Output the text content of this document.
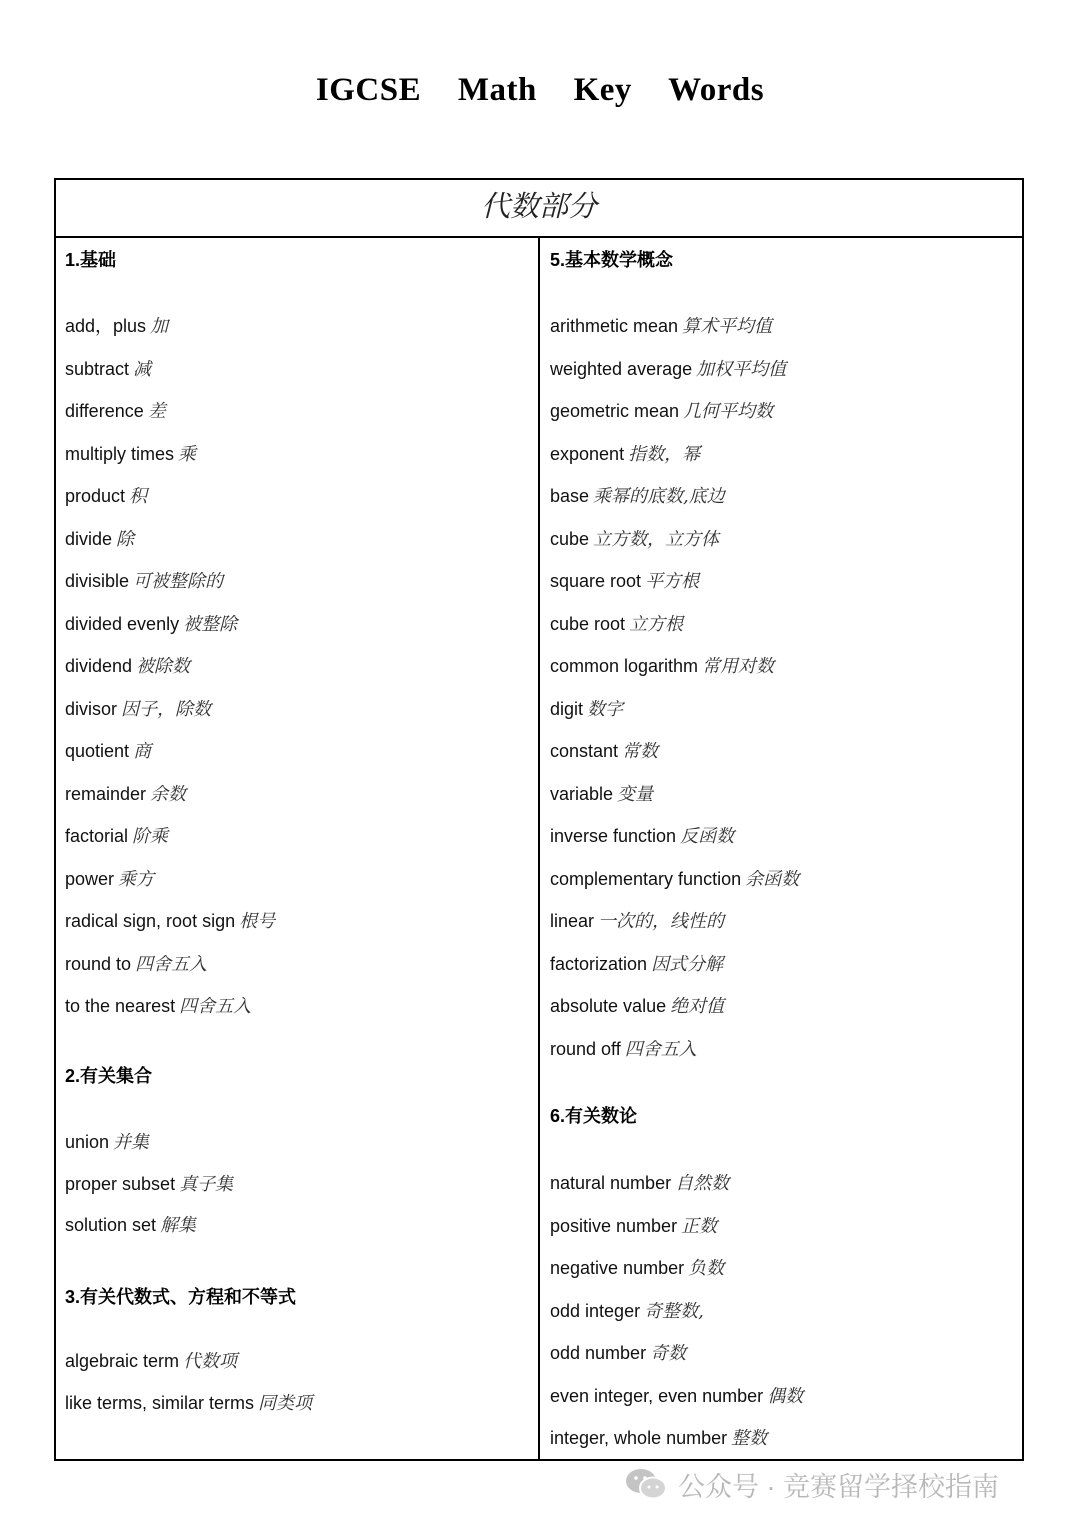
IGCSE Math Key Words
代数部分
1.基础
add，plus 加
subtract 减
difference 差
multiply times 乘
product 积
divide 除
divisible 可被整除的
divided evenly 被整除
dividend 被除数
divisor 因子，除数
quotient 商
remainder 余数
factorial 阶乘
power 乘方
radical sign, root sign 根号
round to 四舍五入
to the nearest 四舍五入
2.有关集合
union 并集
proper subset 真子集
solution set 解集
3.有关代数式、方程和不等式
algebraic term 代数项
like terms, similar terms 同类项
5.基本数学概念
arithmetic mean 算术平均值
weighted average 加权平均值
geometric mean 几何平均数
exponent 指数，幂
base 乘幂的底数,底边
cube 立方数，立方体
square root 平方根
cube root 立方根
common logarithm 常用对数
digit 数字
constant 常数
variable 变量
inverse function 反函数
complementary function 余函数
linear 一次的，线性的
factorization 因式分解
absolute value 绝对值
round off 四舍五入
6.有关数论
natural number 自然数
positive number 正数
negative number 负数
odd integer 奇整数,
odd number 奇数
even integer, even number 偶数
integer, whole number 整数
公众号 · 竞赛留学择校指南
